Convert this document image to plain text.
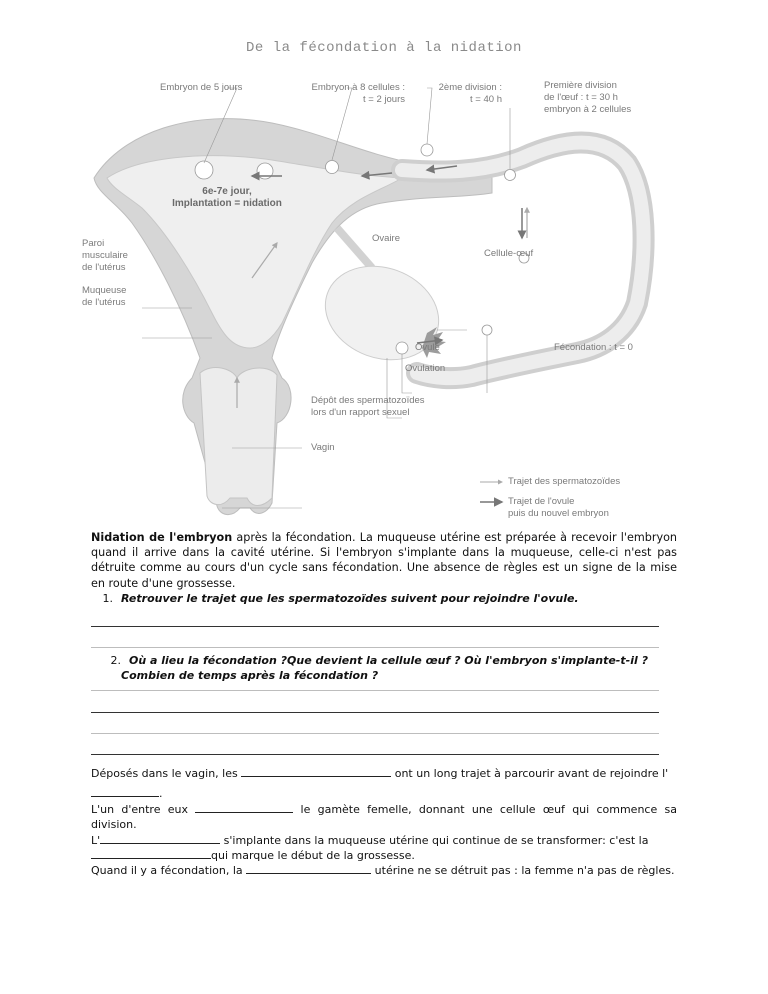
De la fécondation à la nidation
Embryon de 5 jours	Embryon à 8 cellules :
t = 2 jours
2ème division :
t = 40 h
Première division
de l'œuf : t = 30 h
embryon à 2 cellules
6e-7e jour,
Implantation = nidation
Paroi
musculaire
de l'utérus
Muqueuse
de l'utérus
Ovaire
Cellule-œuf
Ovule	Fécondation : t = 0
Ovulation
Dépôt des spermatozoïdes
lors d'un rapport sexuel
Vagin
Trajet des spermatozoïdes
Trajet de l'ovule
puis du nouvel embryon
Nidation de l'embryon après la fécondation. La muqueuse utérine est préparée à recevoir l'embryon quand il arrive dans la cavité utérine. Si l'embryon s'implante dans la muqueuse, celle-ci n'est pas détruite comme au cours d'un cycle sans fécondation. Une absence de règles est un signe de la mise en route d'une grossesse.
1. Retrouver le trajet que les spermatozoïdes suivent pour rejoindre l'ovule.
2. Où a lieu la fécondation ?Que devient la cellule œuf ? Où l'embryon s'implante-t-il ? Combien de temps après la fécondation ?

Déposés dans le vagin, les	ont un long trajet à parcourir avant de rejoindre l'

.

L'un d'entre eux	le gamète femelle, donnant une cellule œuf qui commence sa division.

L'	s'implante dans la muqueuse utérine qui continue de se transformer: c'est la

qui marque le début de la grossesse.

Quand il y a fécondation, la	utérine ne se détruit pas : la femme n'a pas de règles.
